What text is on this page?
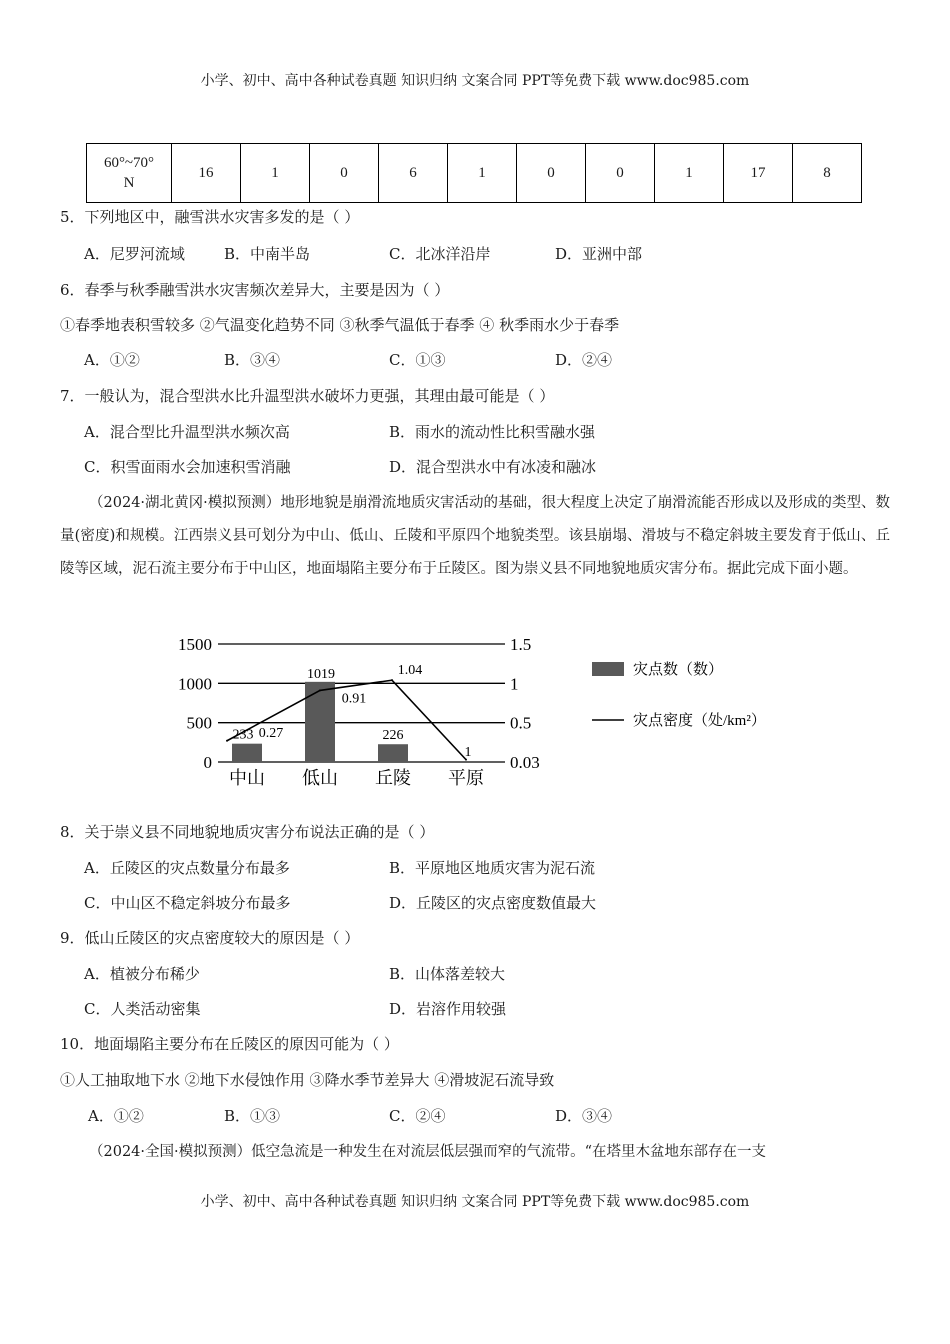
小学、初中、高中各种试卷真题 知识归纳 文案合同 PPT等免费下载 www.doc985.com
60°~70°
N	16	1	0	6	1	0	0	1	17	8
5．下列地区中，融雪洪水灾害多发的是（ ）
A．尼罗河流域	B．中南半岛	C．北冰洋沿岸	D．亚洲中部
6．春季与秋季融雪洪水灾害频次差异大，主要是因为（ ）
①春季地表积雪较多 ②气温变化趋势不同 ③秋季气温低于春季 ④ 秋季雨水少于春季
A．①②	B．③④	C．①③	D．②④
7．一般认为，混合型洪水比升温型洪水破坏力更强，其理由最可能是（ ）
A．混合型比升温型洪水频次高	B．雨水的流动性比积雪融水强
C．积雪面雨水会加速积雪消融	D．混合型洪水中有冰凌和融冰
（2024·湖北黄冈·模拟预测）地形地貌是崩滑流地质灾害活动的基础，很大程度上决定了崩滑流能否形成以及形成的类型、数量(密度)和规模。江西崇义县可划分为中山、低山、丘陵和平原四个地貌类型。该县崩塌、滑坡与不稳定斜坡主要发育于低山、丘陵等区域，泥石流主要分布于中山区，地面塌陷主要分布于丘陵区。图为崇义县不同地貌地质灾害分布。据此完成下面小题。
0	0.03
500	0.5
1000	1
1500	1.5
中山 低山 丘陵 平原
233
1019
226
1
0.27
0.91
1.04	灾点数（数）
灾点密度（处/km²）
8．关于崇义县不同地貌地质灾害分布说法正确的是（ ）
A．丘陵区的灾点数量分布最多	B．平原地区地质灾害为泥石流
C．中山区不稳定斜坡分布最多	D．丘陵区的灾点密度数值最大
9．低山丘陵区的灾点密度较大的原因是（ ）
A．植被分布稀少	B．山体落差较大
C．人类活动密集	D．岩溶作用较强
10．地面塌陷主要分布在丘陵区的原因可能为（ ）
①人工抽取地下水 ②地下水侵蚀作用 ③降水季节差异大 ④滑坡泥石流导致
A．①②	B．①③	C．②④	D．③④
（2024·全国·模拟预测）低空急流是一种发生在对流层低层强而窄的气流带。“在塔里木盆地东部存在一支
小学、初中、高中各种试卷真题 知识归纳 文案合同 PPT等免费下载 www.doc985.com
